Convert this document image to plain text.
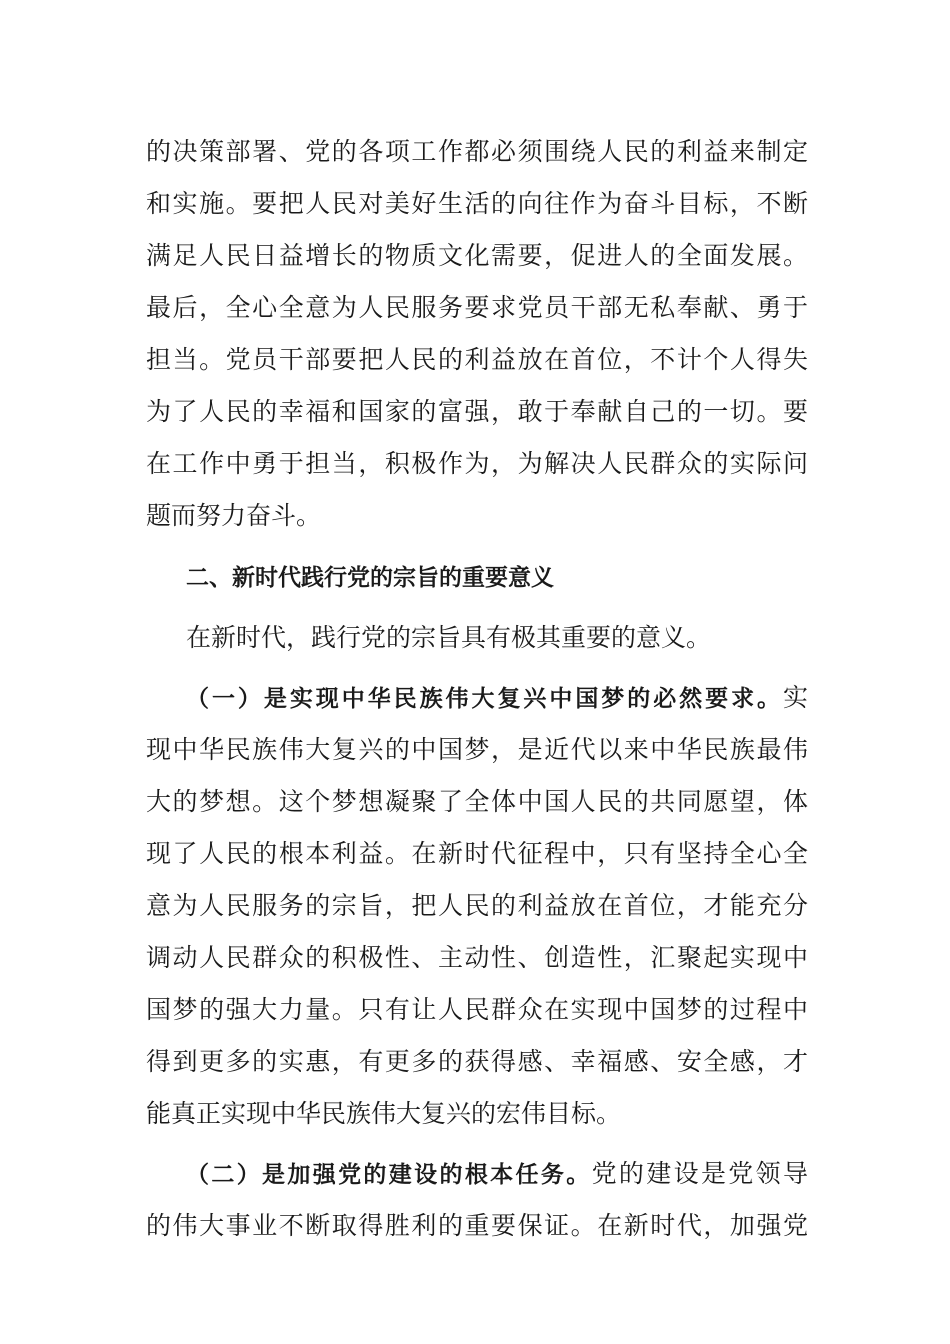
的决策部署、党的各项工作都必须围绕人民的利益来制定
和实施。要把人民对美好生活的向往作为奋斗目标，不断
满足人民日益增长的物质文化需要，促进人的全面发展。
最后，全心全意为人民服务要求党员干部无私奉献、勇于
担当。党员干部要把人民的利益放在首位，不计个人得失
为了人民的幸福和国家的富强，敢于奉献自己的一切。要
在工作中勇于担当，积极作为，为解决人民群众的实际问
题而努力奋斗。
二、新时代践行党的宗旨的重要意义
在新时代，践行党的宗旨具有极其重要的意义。
（一）是实现中华民族伟大复兴中国梦的必然要求。实
现中华民族伟大复兴的中国梦，是近代以来中华民族最伟
大的梦想。这个梦想凝聚了全体中国人民的共同愿望，体
现了人民的根本利益。在新时代征程中，只有坚持全心全
意为人民服务的宗旨，把人民的利益放在首位，才能充分
调动人民群众的积极性、主动性、创造性，汇聚起实现中
国梦的强大力量。只有让人民群众在实现中国梦的过程中
得到更多的实惠，有更多的获得感、幸福感、安全感，才
能真正实现中华民族伟大复兴的宏伟目标。
（二）是加强党的建设的根本任务。党的建设是党领导
的伟大事业不断取得胜利的重要保证。在新时代，加强党
